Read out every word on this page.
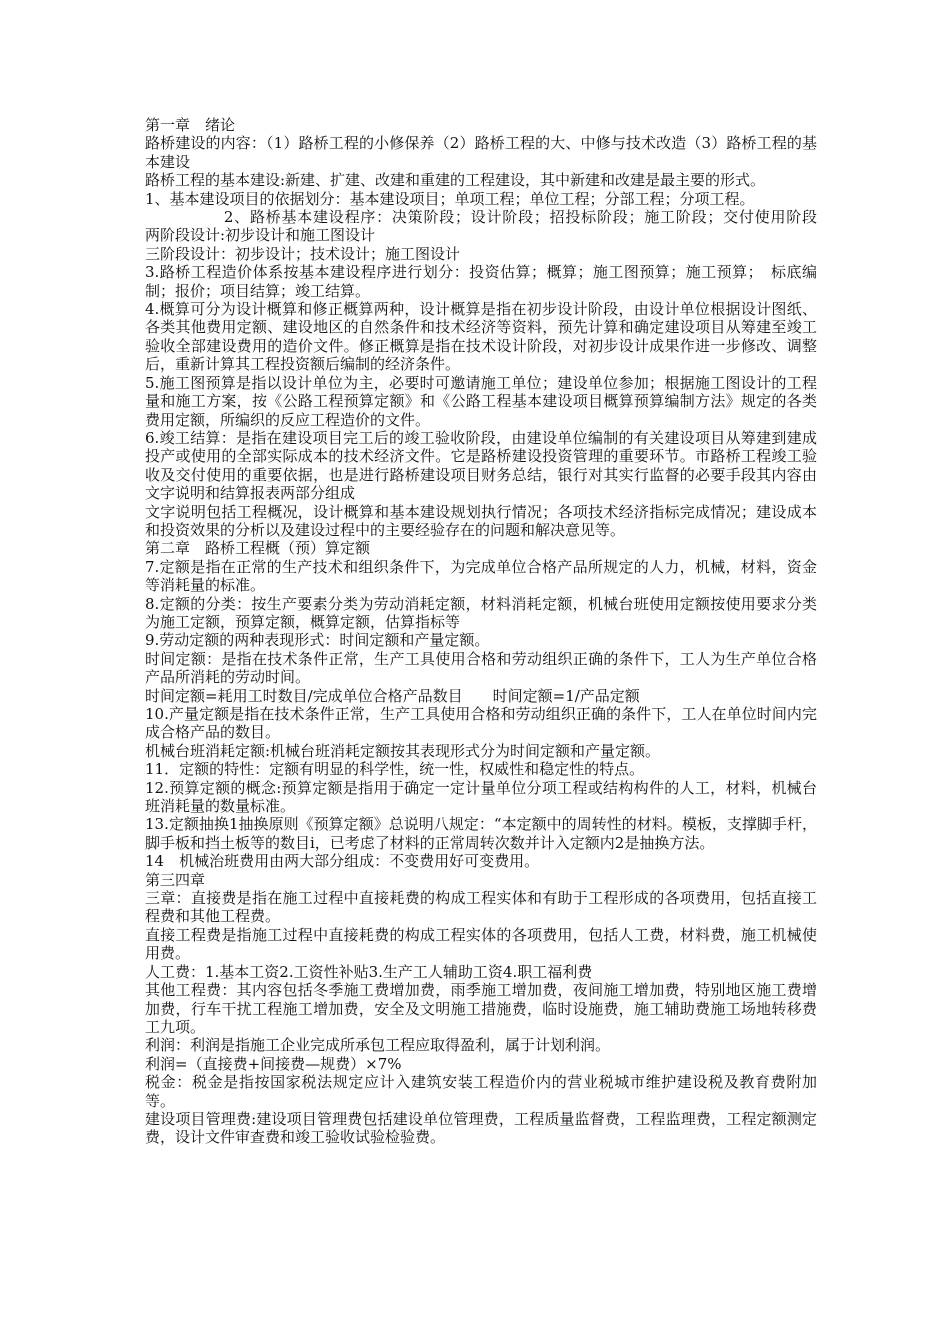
第一章　绪论

路桥建设的内容：（1）路桥工程的小修保养（2）路桥工程的大、中修与技术改造（3）路桥工程的基本建设

路桥工程的基本建设:新建、扩建、改建和重建的工程建设，其中新建和改建是最主要的形式。

1、基本建设项目的依据划分：基本建设项目；单项工程；单位工程；分部工程；分项工程。

　　　　　2、路桥基本建设程序：决策阶段；设计阶段；招投标阶段；施工阶段；交付使用阶段　　　　　两阶段设计:初步设计和施工图设计

三阶段设计：初步设计；技术设计；施工图设计

3.路桥工程造价体系按基本建设程序进行划分：投资估算；概算；施工图预算；施工预算；　标底编制；报价；项目结算；竣工结算。

4.概算可分为设计概算和修正概算两种，设计概算是指在初步设计阶段，由设计单位根据设计图纸、各类其他费用定额、建设地区的自然条件和技术经济等资料，预先计算和确定建设项目从筹建至竣工验收全部建设费用的造价文件。修正概算是指在技术设计阶段，对初步设计成果作进一步修改、调整后，重新计算其工程投资额后编制的经济条件。

5.施工图预算是指以设计单位为主，必要时可邀请施工单位；建设单位参加；根据施工图设计的工程量和施工方案，按《公路工程预算定额》和《公路工程基本建设项目概算预算编制方法》规定的各类费用定额，所编织的反应工程造价的文件。

6.竣工结算：是指在建设项目完工后的竣工验收阶段，由建设单位编制的有关建设项目从筹建到建成投产或使用的全部实际成本的技术经济文件。它是路桥建设投资管理的重要环节。市路桥工程竣工验收及交付使用的重要依据，也是进行路桥建设项目财务总结，银行对其实行监督的必要手段其内容由文字说明和结算报表两部分组成

文字说明包括工程概况，设计概算和基本建设规划执行情况；各项技术经济指标完成情况；建设成本和投资效果的分析以及建设过程中的主要经验存在的问题和解决意见等。

第二章　路桥工程概（预）算定额

7.定额是指在正常的生产技术和组织条件下，为完成单位合格产品所规定的人力，机械，材料，资金等消耗量的标准。

8.定额的分类：按生产要素分类为劳动消耗定额，材料消耗定额，机械台班使用定额按使用要求分类为施工定额，预算定额，概算定额，估算指标等

9.劳动定额的两种表现形式：时间定额和产量定额。

时间定额：是指在技术条件正常，生产工具使用合格和劳动组织正确的条件下，工人为生产单位合格产品所消耗的劳动时间。

时间定额=耗用工时数目/完成单位合格产品数目　　时间定额=1/产品定额

10.产量定额是指在技术条件正常，生产工具使用合格和劳动组织正确的条件下，工人在单位时间内完成合格产品的数目。

机械台班消耗定额:机械台班消耗定额按其表现形式分为时间定额和产量定额。

11．定额的特性：定额有明显的科学性，统一性，权威性和稳定性的特点。

12.预算定额的概念:预算定额是指用于确定一定计量单位分项工程或结构构件的人工，材料，机械台班消耗量的数量标准。

13.定额抽换1抽换原则《预算定额》总说明八规定：“本定额中的周转性的材料。模板，支撑脚手杆，脚手板和挡土板等的数目i，已考虑了材料的正常周转次数并计入定额内2是抽换方法。

14　机械治班费用由两大部分组成：不变费用好可变费用。

第三四章

三章：直接费是指在施工过程中直接耗费的构成工程实体和有助于工程形成的各项费用，包括直接工程费和其他工程费。

直接工程费是指施工过程中直接耗费的构成工程实体的各项费用，包括人工费，材料费，施工机械使用费。

人工费：1.基本工资2.工资性补贴3.生产工人辅助工资4.职工福利费

其他工程费：其内容包括冬季施工费增加费，雨季施工增加费，夜间施工增加费，特别地区施工费增加费，行车干扰工程施工增加费，安全及文明施工措施费，临时设施费，施工辅助费施工场地转移费工九项。

利润：利润是指施工企业完成所承包工程应取得盈利，属于计划利润。

利润=（直接费+间接费—规费）×7%

税金：税金是指按国家税法规定应计入建筑安装工程造价内的营业税城市维护建设税及教育费附加等。

建设项目管理费:建设项目管理费包括建设单位管理费，工程质量监督费，工程监理费，工程定额测定费，设计文件审查费和竣工验收试验检验费。
